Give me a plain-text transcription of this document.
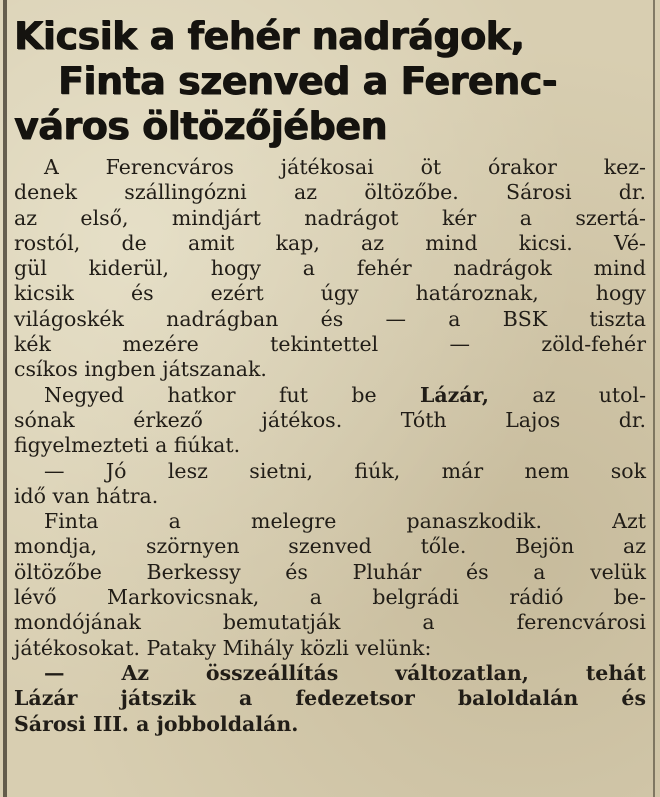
Kicsik a fehér nadrágok,
Finta szenved a Ferenc-
város öltözőjében
A Ferencváros játékosai öt órakor kez-
denek szállingózni az öltözőbe. Sárosi dr.
az első, mindjárt nadrágot kér a szertá-
rostól, de amit kap, az mind kicsi. Vé-
gül kiderül, hogy a fehér nadrágok mind
kicsik és ezért úgy határoznak, hogy
világoskék nadrágban és — a BSK tiszta
kék mezére tekintettel — zöld-fehér
csíkos ingben játszanak.
Negyed hatkor fut be Lázár, az utol-
sónak érkező játékos. Tóth Lajos dr.
figyelmezteti a fiúkat.
— Jó lesz sietni, fiúk, már nem sok
idő van hátra.
Finta a melegre panaszkodik. Azt
mondja, szörnyen szenved tőle. Bejön az
öltözőbe Berkessy és Pluhár és a velük
lévő Markovicsnak, a belgrádi rádió be-
mondójának bemutatják a ferencvárosi
játékosokat. Pataky Mihály közli velünk:
— Az összeállítás változatlan, tehát
Lázár játszik a fedezetsor baloldalán és
Sárosi III. a jobboldalán.
